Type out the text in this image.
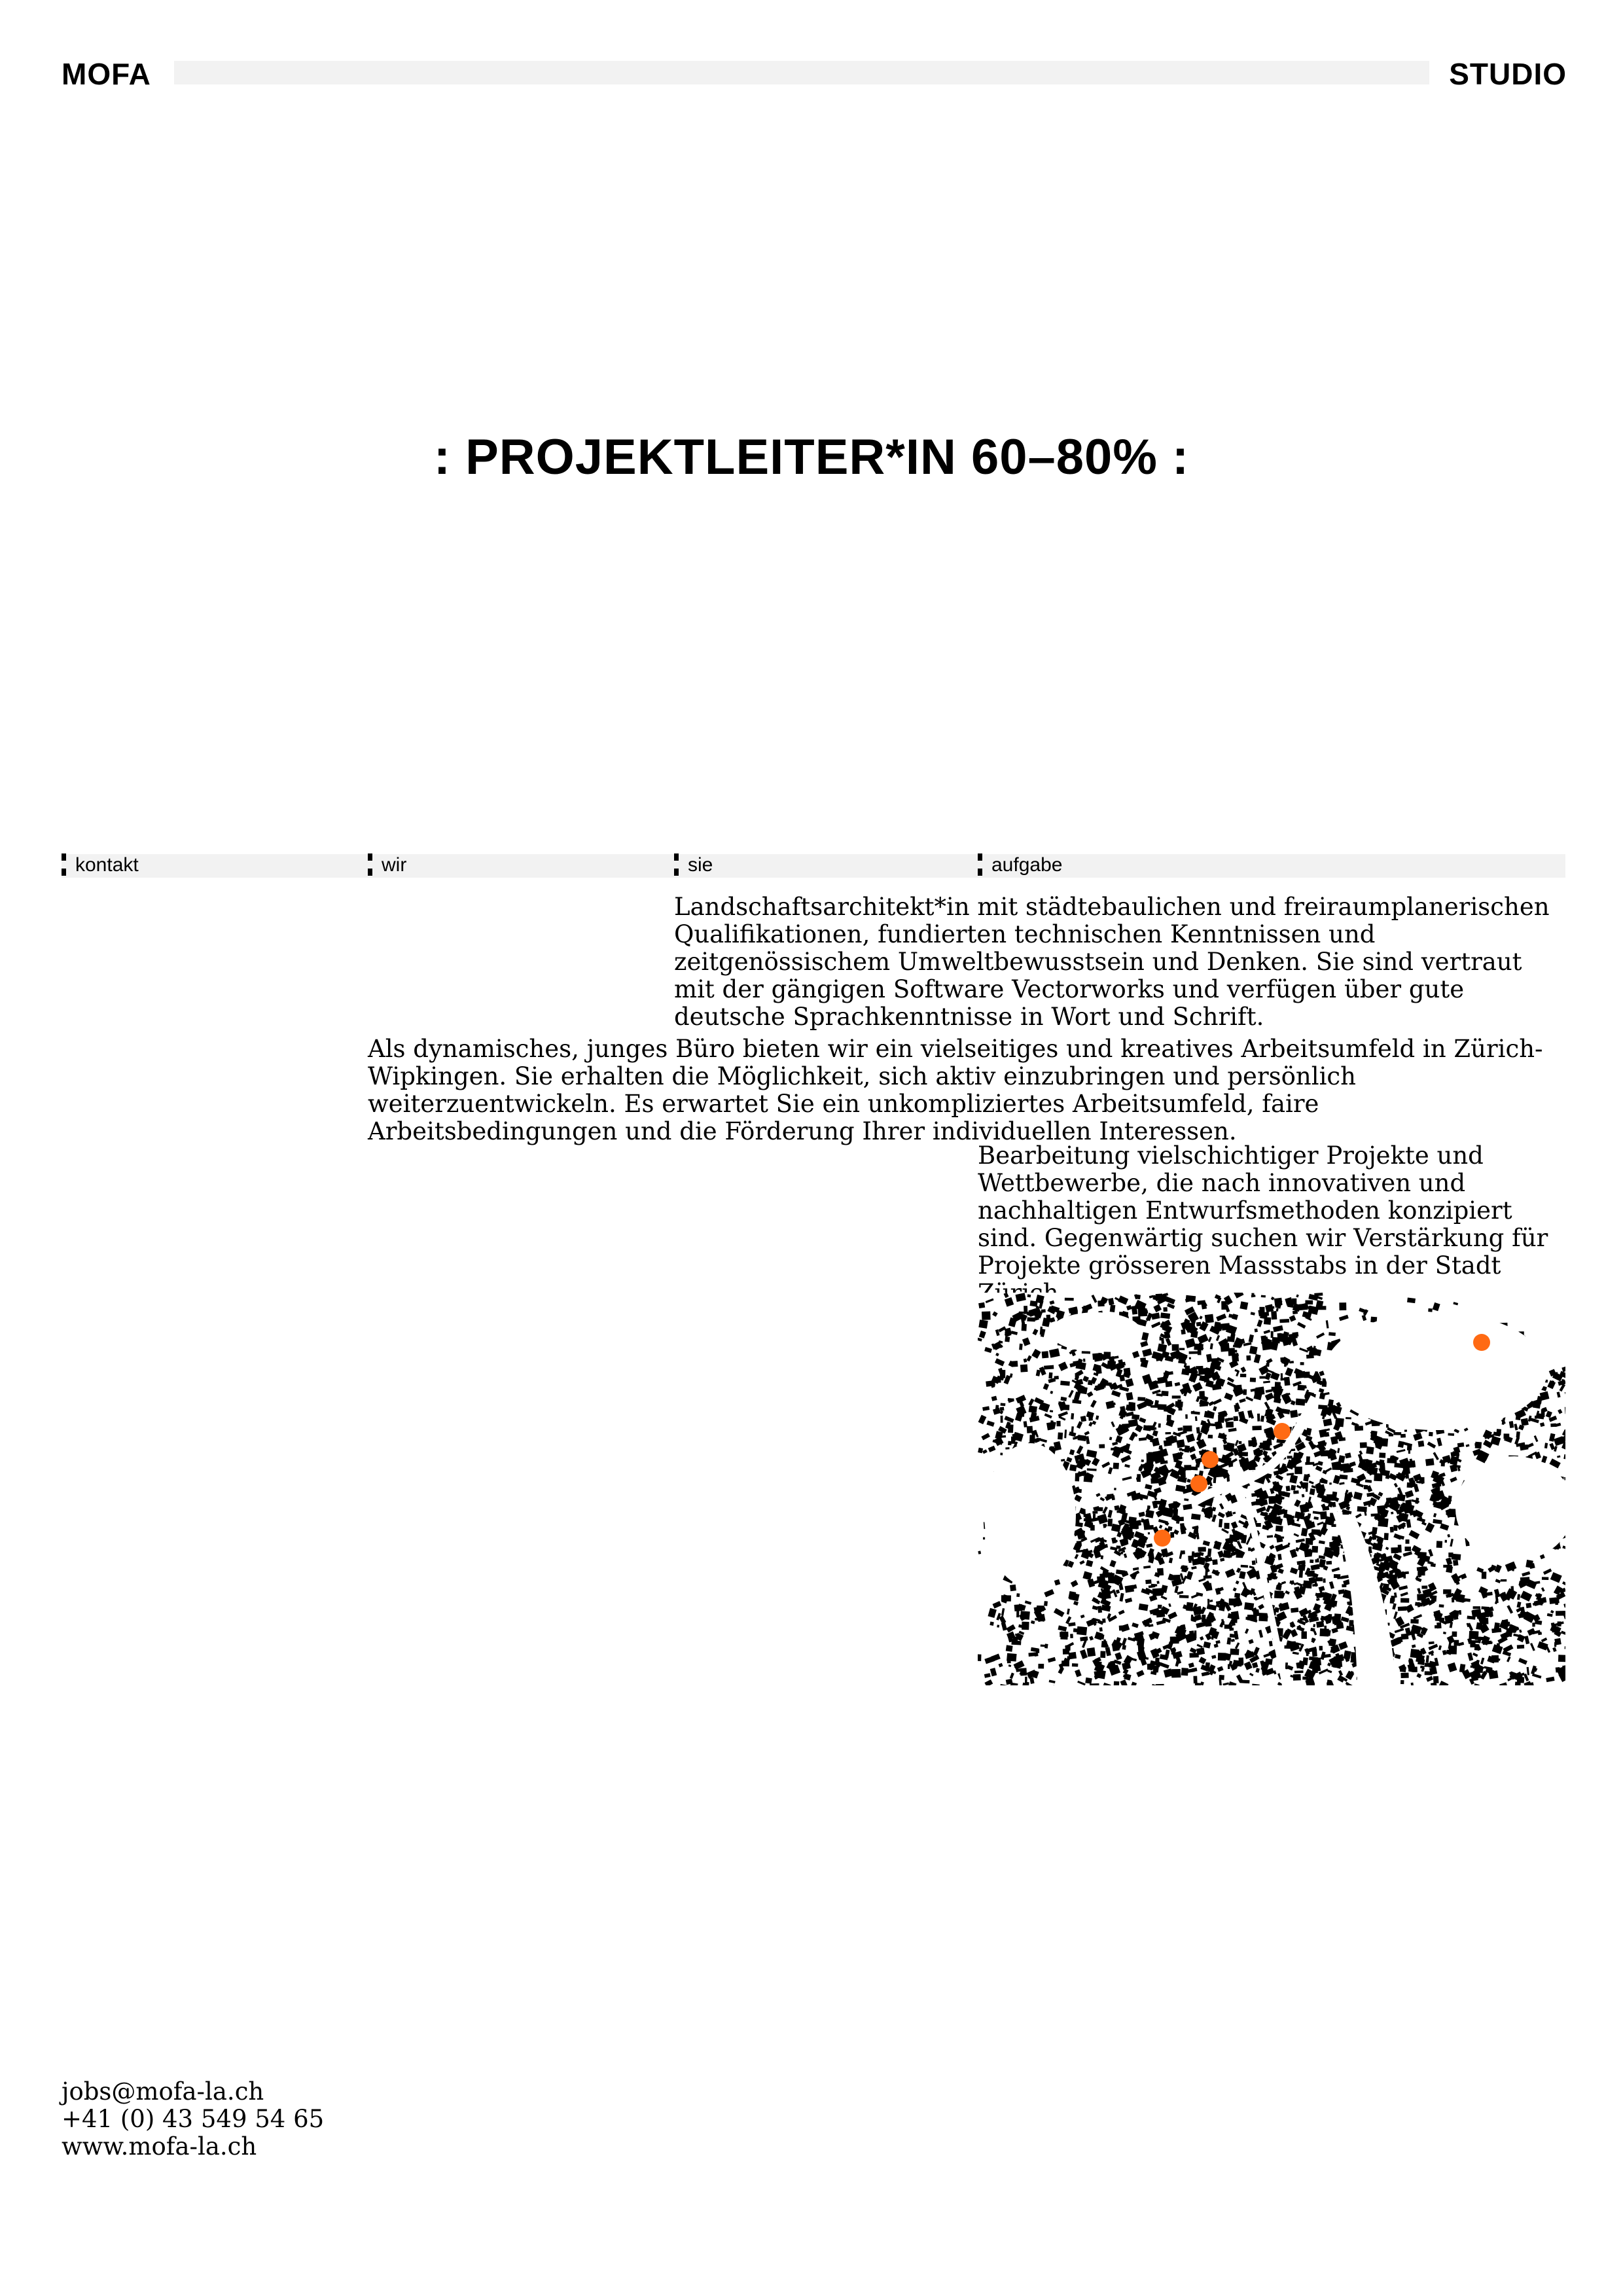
MOFA	STUDIO
: PROJEKTLEITER*IN 60–80% :
kontakt	wir	sie	aufgabe

Landschaftsarchitekt*in mit städtebaulichen und freiraumplanerischen Qualifikationen, fundierten technischen Kenntnissen und zeitgenössischem Umweltbewusstsein und Denken. Sie sind vertraut mit der gängigen Software Vectorworks und verfügen über gute deutsche Sprachkenntnisse in Wort und Schrift.

Als dynamisches, junges Büro bieten wir ein vielseitiges und kreatives Arbeitsumfeld in Zürich-Wipkingen. Sie erhalten die Möglichkeit, sich aktiv einzubringen und persönlich weiterzuentwickeln. Es erwartet Sie ein unkompliziertes Arbeitsumfeld, faire Arbeitsbedingungen und die Förderung Ihrer individuellen Interessen.

Bearbeitung vielschichtiger Projekte und Wettbewerbe, die nach innovativen und nachhaltigen Entwurfsmethoden konzipiert sind. Gegenwärtig suchen wir Verstärkung für Projekte grösseren Massstabs in der Stadt

jobs@mofa-la.ch
+41 (0) 43 549 54 65
www.mofa-la.ch
